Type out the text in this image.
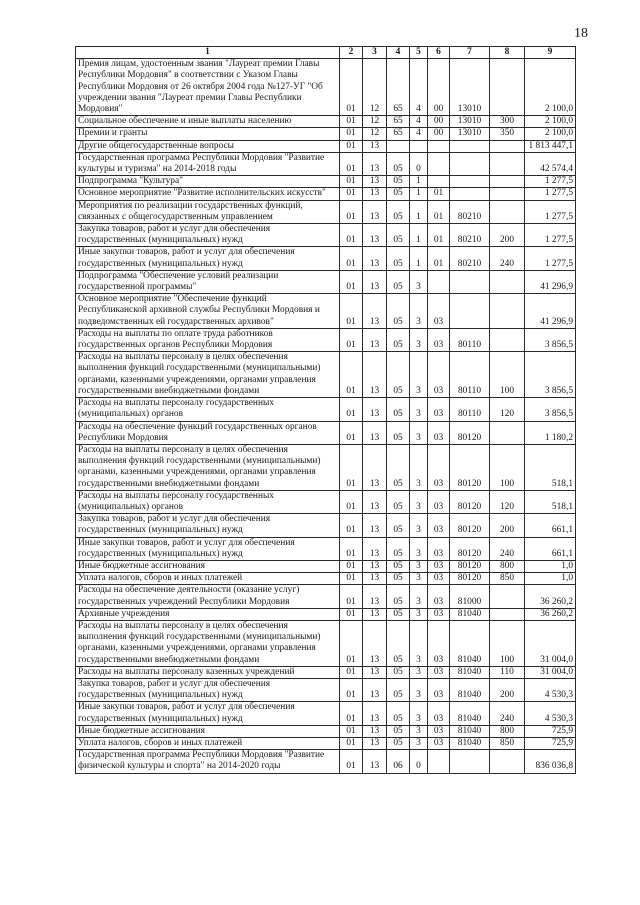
18
1	2	3	4	5	6	7	8	9
Премия лицам, удостоенным звания "Лауреат премии Главы Республики Мордовия" в соответствии с Указом Главы Республики Мордовия от 26 октября 2004 года №127-УГ "Об учреждении звания "Лауреат премии Главы Республики Мордовия"	01	12	65	4	00	13010		2 100,0
Социальное обеспечение и иные выплаты населению	01	12	65	4	00	13010	300	2 100,0
Премии и гранты	01	12	65	4	00	13010	350	2 100,0
Другие общегосударственные вопросы	01	13						1 813 447,1
Государственная программа Республики Мордовия "Развитие культуры и туризма" на 2014-2018 годы	01	13	05	0				42 574,4
Подпрограмма "Культура"	01	13	05	1				1 277,5
Основное мероприятие "Развитие исполнительских искусств"	01	13	05	1	01			1 277,5
Мероприятия по реализации государственных функций, связанных с общегосударственным управлением	01	13	05	1	01	80210		1 277,5
Закупка товаров, работ и услуг для обеспечения государственных (муниципальных) нужд	01	13	05	1	01	80210	200	1 277,5
Иные закупки товаров, работ и услуг для обеспечения государственных (муниципальных) нужд	01	13	05	1	01	80210	240	1 277,5
Подпрограмма "Обеспечение условий реализации государственной программы"	01	13	05	3				41 296,9
Основное мероприятие "Обеспечение функций Республиканской архивной службы Республики Мордовия и подведомственных ей государственных архивов"	01	13	05	3	03			41 296,9
Расходы на выплаты по оплате труда работников государственных органов Республики Мордовия	01	13	05	3	03	80110		3 856,5
Расходы на выплаты персоналу в целях обеспечения выполнения функций государственными (муниципальными) органами, казенными учреждениями, органами управления государственными внебюджетными фондами	01	13	05	3	03	80110	100	3 856,5
Расходы на выплаты персоналу государственных (муниципальных) органов	01	13	05	3	03	80110	120	3 856,5
Расходы на обеспечение функций государственных органов Республики Мордовия	01	13	05	3	03	80120		1 180,2
Расходы на выплаты персоналу в целях обеспечения выполнения функций государственными (муниципальными) органами, казенными учреждениями, органами управления государственными внебюджетными фондами	01	13	05	3	03	80120	100	518,1
Расходы на выплаты персоналу государственных (муниципальных) органов	01	13	05	3	03	80120	120	518,1
Закупка товаров, работ и услуг для обеспечения государственных (муниципальных) нужд	01	13	05	3	03	80120	200	661,1
Иные закупки товаров, работ и услуг для обеспечения государственных (муниципальных) нужд	01	13	05	3	03	80120	240	661,1
Иные бюджетные ассигнования	01	13	05	3	03	80120	800	1,0
Уплата налогов, сборов и иных платежей	01	13	05	3	03	80120	850	1,0
Расходы на обеспечение деятельности (оказание услуг) государственных учреждений Республики Мордовия	01	13	05	3	03	81000		36 260,2
Архивные учреждения	01	13	05	3	03	81040		36 260,2
Расходы на выплаты персоналу в целях обеспечения выполнения функций государственными (муниципальными) органами, казенными учреждениями, органами управления государственными внебюджетными фондами	01	13	05	3	03	81040	100	31 004,0
Расходы на выплаты персоналу казенных учреждений	01	13	05	3	03	81040	110	31 004,0
Закупка товаров, работ и услуг для обеспечения государственных (муниципальных) нужд	01	13	05	3	03	81040	200	4 530,3
Иные закупки товаров, работ и услуг для обеспечения государственных (муниципальных) нужд	01	13	05	3	03	81040	240	4 530,3
Иные бюджетные ассигнования	01	13	05	3	03	81040	800	725,9
Уплата налогов, сборов и иных платежей	01	13	05	3	03	81040	850	725,9
Государственная программа Республики Мордовия "Развитие физической культуры и спорта" на 2014-2020 годы	01	13	06	0				836 036,8
